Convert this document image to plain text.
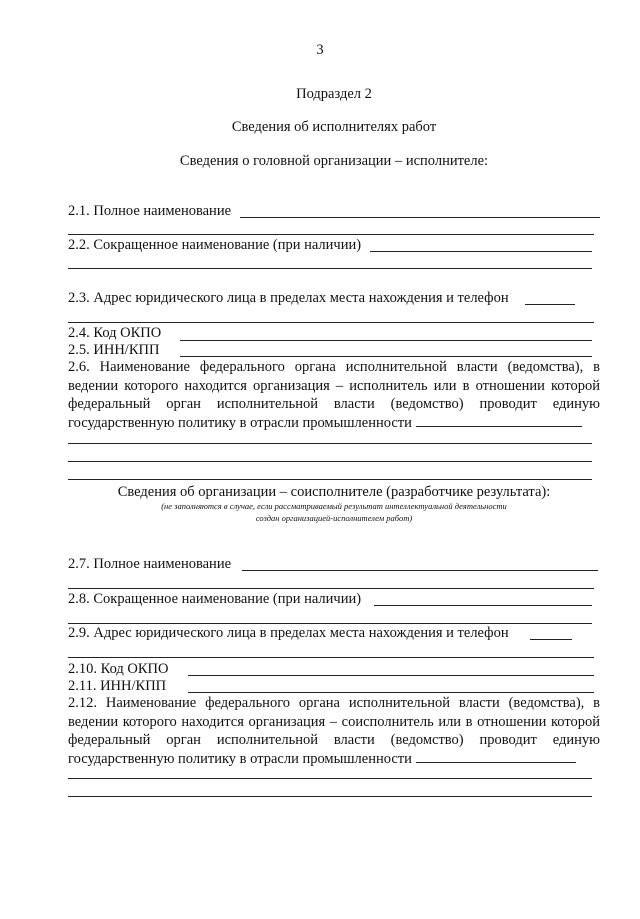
3
Подраздел 2
Сведения об исполнителях работ
Сведения о головной организации – исполнителе:
2.1. Полное наименование
2.2. Сокращенное наименование (при наличии)
2.3. Адрес юридического лица в пределах места нахождения и телефон
2.4. Код ОКПО
2.5. ИНН/КПП
2.6. Наименование федерального органа исполнительной власти (ведомства), в ведении которого находится организация – исполнитель или в отношении которой федеральный орган исполнительной власти (ведомство) проводит единую государственную политику в отрасли промышленности
Сведения об организации – соисполнителе (разработчике результата):
(не заполняются в случае, если рассматриваемый результат интеллектуальной деятельности
создан организацией-исполнителем работ)
2.7. Полное наименование
2.8. Сокращенное наименование (при наличии)
2.9. Адрес юридического лица в пределах места нахождения и телефон
2.10. Код ОКПО
2.11. ИНН/КПП
2.12. Наименование федерального органа исполнительной власти (ведомства), в ведении которого находится организация – соисполнитель или в отношении которой федеральный орган исполнительной власти (ведомство) проводит единую государственную политику в отрасли промышленности
